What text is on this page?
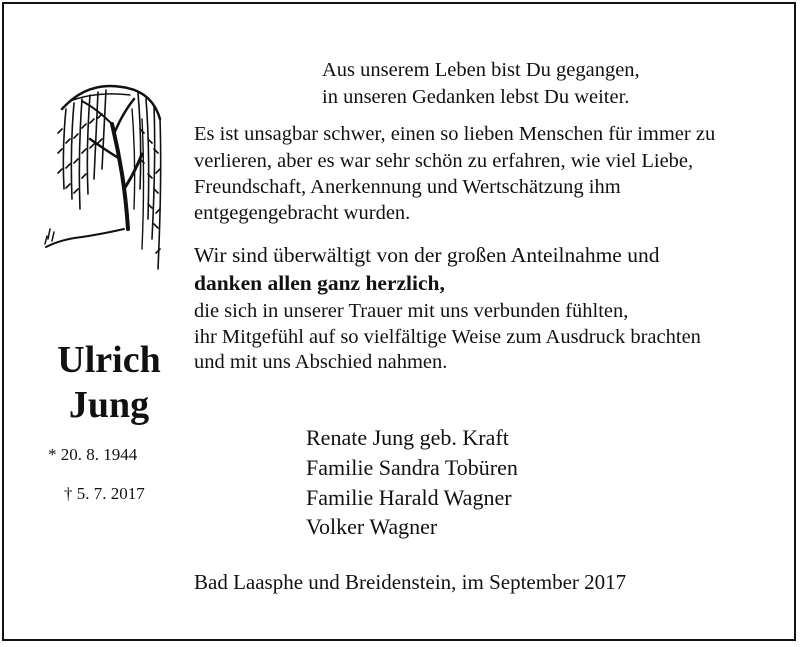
Aus unserem Leben bist Du gegangen,
in unseren Gedanken lebst Du weiter.
Es ist unsagbar schwer, einen so lieben Menschen für immer zu
verlieren, aber es war sehr schön zu erfahren, wie viel Liebe,
Freundschaft, Anerkennung und Wertschätzung ihm
entgegengebracht wurden.
Wir sind überwältigt von der großen Anteilnahme und
danken allen ganz herzlich,
die sich in unserer Trauer mit uns verbunden fühlten,
ihr Mitgefühl auf so vielfältige Weise zum Ausdruck brachten
und mit uns Abschied nahmen.
Ulrich
Jung
* 20. 8. 1944
† 5. 7. 2017
Renate Jung geb. Kraft
Familie Sandra Tobüren
Familie Harald Wagner
Volker Wagner
Bad Laasphe und Breidenstein, im September 2017
